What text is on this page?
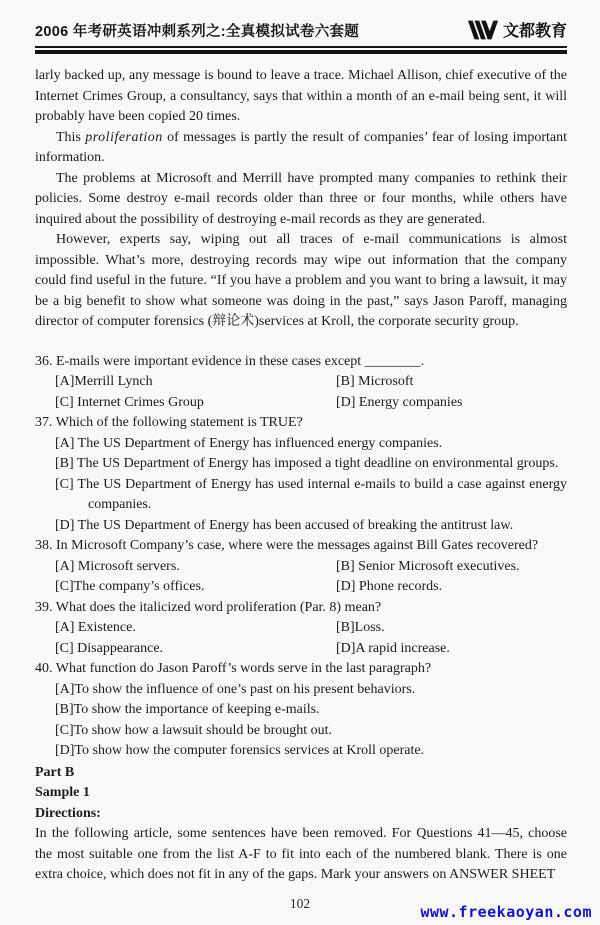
2006 年考研英语冲刺系列之:全真模拟试卷六套题	文都教育

larly backed up, any message is bound to leave a trace. Michael Allison, chief executive of the Internet Crimes Group, a consultancy, says that within a month of an e-mail being sent, it will probably have been copied 20 times.

This proliferation of messages is partly the result of companies’ fear of losing important information.

The problems at Microsoft and Merrill have prompted many companies to rethink their policies. Some destroy e-mail records older than three or four months, while others have inquired about the possibility of destroying e-mail records as they are generated.

However, experts say, wiping out all traces of e-mail communications is almost impossible. What’s more, destroying records may wipe out information that the company could find useful in the future. “If you have a problem and you want to bring a lawsuit, it may be a big benefit to show what someone was doing in the past,” says Jason Paroff, managing director of computer forensics (辩论术)services at Kroll, the corporate security group.

36. E-mails were important evidence in these cases except ________.
[A]Merrill Lynch	[B] Microsoft
[C] Internet Crimes Group	[D] Energy companies
37. Which of the following statement is TRUE?
[A] The US Department of Energy has influenced energy companies.
[B] The US Department of Energy has imposed a tight deadline on environmental groups.
[C] The US Department of Energy has used internal e-mails to build a case against energy companies.
[D] The US Department of Energy has been accused of breaking the antitrust law.
38. In Microsoft Company’s case, where were the messages against Bill Gates recovered?
[A] Microsoft servers.	[B] Senior Microsoft executives.
[C]The company’s offices.	[D] Phone records.
39. What does the italicized word proliferation (Par. 8) mean?
[A] Existence.	[B]Loss.
[C] Disappearance.	[D]A rapid increase.
40. What function do Jason Paroff’s words serve in the last paragraph?
[A]To show the influence of one’s past on his present behaviors.
[B]To show the importance of keeping e-mails.
[C]To show how a lawsuit should be brought out.
[D]To show how the computer forensics services at Kroll operate.
Part B
Sample 1
Directions:

In the following article, some sentences have been removed. For Questions 41—45, choose the most suitable one from the list A-F to fit into each of the numbered blank. There is one extra choice, which does not fit in any of the gaps. Mark your answers on ANSWER SHEET

102	www.freekaoyan.com
